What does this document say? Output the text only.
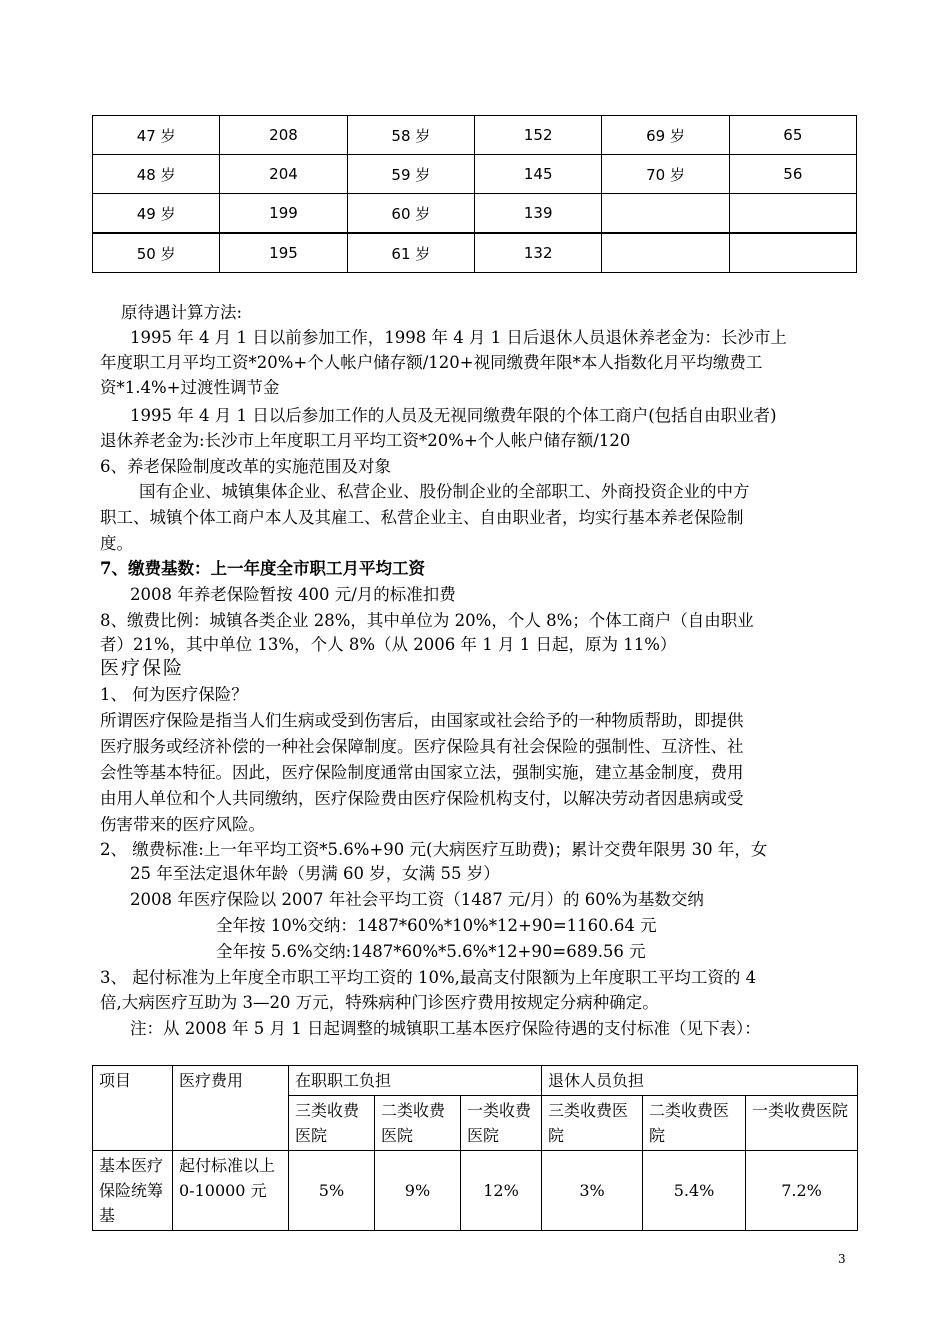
47 岁	208	58 岁	152	69 岁	65
48 岁	204	59 岁	145	70 岁	56
49 岁	199	60 岁	139		
50 岁	195	61 岁	132		
原待遇计算方法:
1995 年 4 月 1 日以前参加工作，1998 年 4 月 1 日后退休人员退休养老金为：长沙市上
年度职工月平均工资*20%+个人帐户储存额/120+视同缴费年限*本人指数化月平均缴费工
资*1.4%+过渡性调节金
1995 年 4 月 1 日以后参加工作的人员及无视同缴费年限的个体工商户(包括自由职业者)
退休养老金为:长沙市上年度职工月平均工资*20%+个人帐户储存额/120
6、养老保险制度改革的实施范围及对象
国有企业、城镇集体企业、私营企业、股份制企业的全部职工、外商投资企业的中方
职工、城镇个体工商户本人及其雇工、私营企业主、自由职业者，均实行基本养老保险制
度。
7、缴费基数：上一年度全市职工月平均工资
2008 年养老保险暂按 400 元/月的标准扣费
8、缴费比例：城镇各类企业 28%，其中单位为 20%，个人 8%；个体工商户（自由职业
者）21%，其中单位 13%，个人 8%（从 2006 年 1 月 1 日起，原为 11%）
医疗保险
1、 何为医疗保险？
所谓医疗保险是指当人们生病或受到伤害后，由国家或社会给予的一种物质帮助，即提供
医疗服务或经济补偿的一种社会保障制度。医疗保险具有社会保险的强制性、互济性、社
会性等基本特征。因此，医疗保险制度通常由国家立法，强制实施，建立基金制度，费用
由用人单位和个人共同缴纳，医疗保险费由医疗保险机构支付，以解决劳动者因患病或受
伤害带来的医疗风险。
2、 缴费标准:上一年平均工资*5.6%+90 元(大病医疗互助费)；累计交费年限男 30 年，女
25 年至法定退休年龄（男满 60 岁，女满 55 岁）
2008 年医疗保险以 2007 年社会平均工资（1487 元/月）的 60%为基数交纳
全年按 10%交纳：1487*60%*10%*12+90=1160.64 元
全年按 5.6%交纳:1487*60%*5.6%*12+90=689.56 元
3、 起付标准为上年度全市职工平均工资的 10%,最高支付限额为上年度职工平均工资的 4
倍,大病医疗互助为 3—20 万元，特殊病种门诊医疗费用按规定分病种确定。
注：从 2008 年 5 月 1 日起调整的城镇职工基本医疗保险待遇的支付标准（见下表）：
项目	医疗费用	在职职工负担			退休人员负担		
		三类收费医院	二类收费医院	一类收费医院	三类收费医院	二类收费医院	一类收费医院
基本医疗保险统筹基	起付标准以上 0-10000 元	5%	9%	12%	3%	5.4%	7.2%
3
